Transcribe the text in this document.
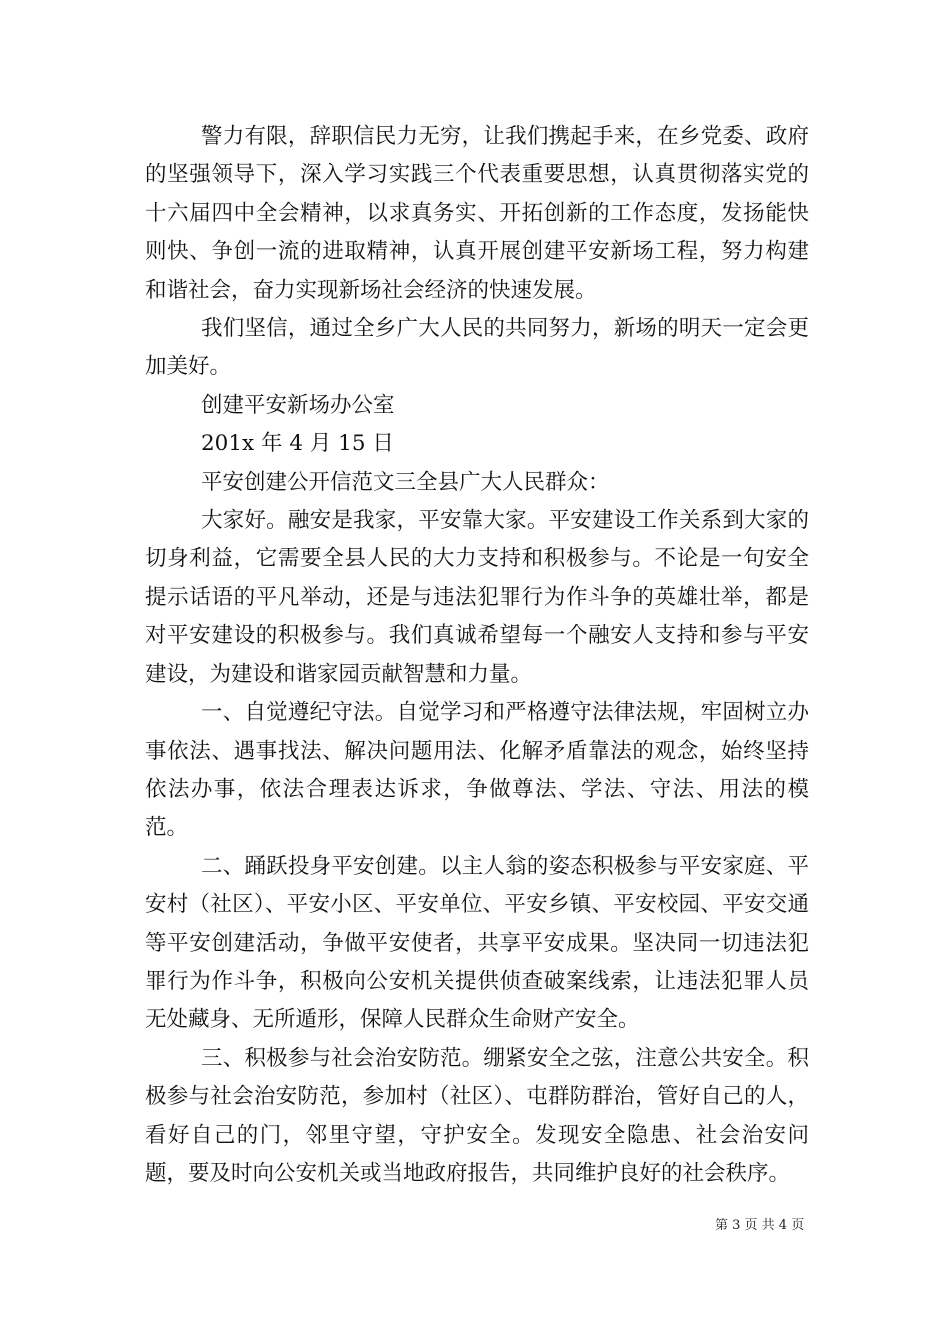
警力有限，辞职信民力无穷，让我们携起手来，在乡党委、政府的坚强领导下，深入学习实践三个代表重要思想，认真贯彻落实党的十六届四中全会精神，以求真务实、开拓创新的工作态度，发扬能快则快、争创一流的进取精神，认真开展创建平安新场工程，努力构建和谐社会，奋力实现新场社会经济的快速发展。

我们坚信，通过全乡广大人民的共同努力，新场的明天一定会更加美好。

创建平安新场办公室

201x 年 4 月 15 日

平安创建公开信范文三全县广大人民群众：

大家好。融安是我家，平安靠大家。平安建设工作关系到大家的切身利益，它需要全县人民的大力支持和积极参与。不论是一句安全提示话语的平凡举动，还是与违法犯罪行为作斗争的英雄壮举，都是对平安建设的积极参与。我们真诚希望每一个融安人支持和参与平安建设，为建设和谐家园贡献智慧和力量。

一、自觉遵纪守法。自觉学习和严格遵守法律法规，牢固树立办事依法、遇事找法、解决问题用法、化解矛盾靠法的观念，始终坚持依法办事，依法合理表达诉求，争做尊法、学法、守法、用法的模范。

二、踊跃投身平安创建。以主人翁的姿态积极参与平安家庭、平安村（社区）、平安小区、平安单位、平安乡镇、平安校园、平安交通等平安创建活动，争做平安使者，共享平安成果。坚决同一切违法犯罪行为作斗争，积极向公安机关提供侦查破案线索，让违法犯罪人员无处藏身、无所遁形，保障人民群众生命财产安全。

三、积极参与社会治安防范。绷紧安全之弦，注意公共安全。积极参与社会治安防范，参加村（社区）、屯群防群治，管好自己的人，看好自己的门，邻里守望，守护安全。发现安全隐患、社会治安问题，要及时向公安机关或当地政府报告，共同维护良好的社会秩序。

第 3 页 共 4 页
